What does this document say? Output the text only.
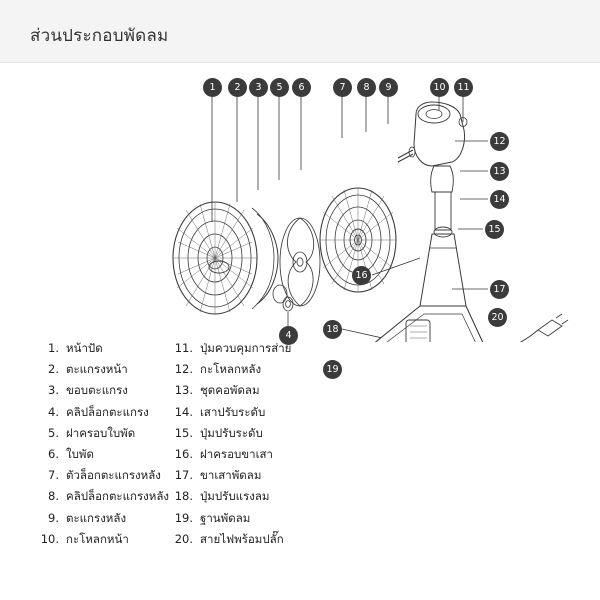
ส่วนประกอบพัดลม
1	2	3	5	6	7	8	9	10	11
12
13
14
15
16
17
4
18
19
20
1. หน้าปัด
2. ตะแกรงหน้า
3. ขอบตะแกรง
4. คลิปล็อกตะแกรง
5. ฝาครอบใบพัด
6. ใบพัด
7. ตัวล็อกตะแกรงหลัง
8. คลิปล็อกตะแกรงหลัง
9. ตะแกรงหลัง
10. กะโหลกหน้า
11. ปุ่มควบคุมการส่าย
12. กะโหลกหลัง
13. ชุดคอพัดลม
14. เสาปรับระดับ
15. ปุ่มปรับระดับ
16. ฝาครอบขาเสา
17. ขาเสาพัดลม
18. ปุ่มปรับแรงลม
19. ฐานพัดลม
20. สายไฟพร้อมปลั๊ก
